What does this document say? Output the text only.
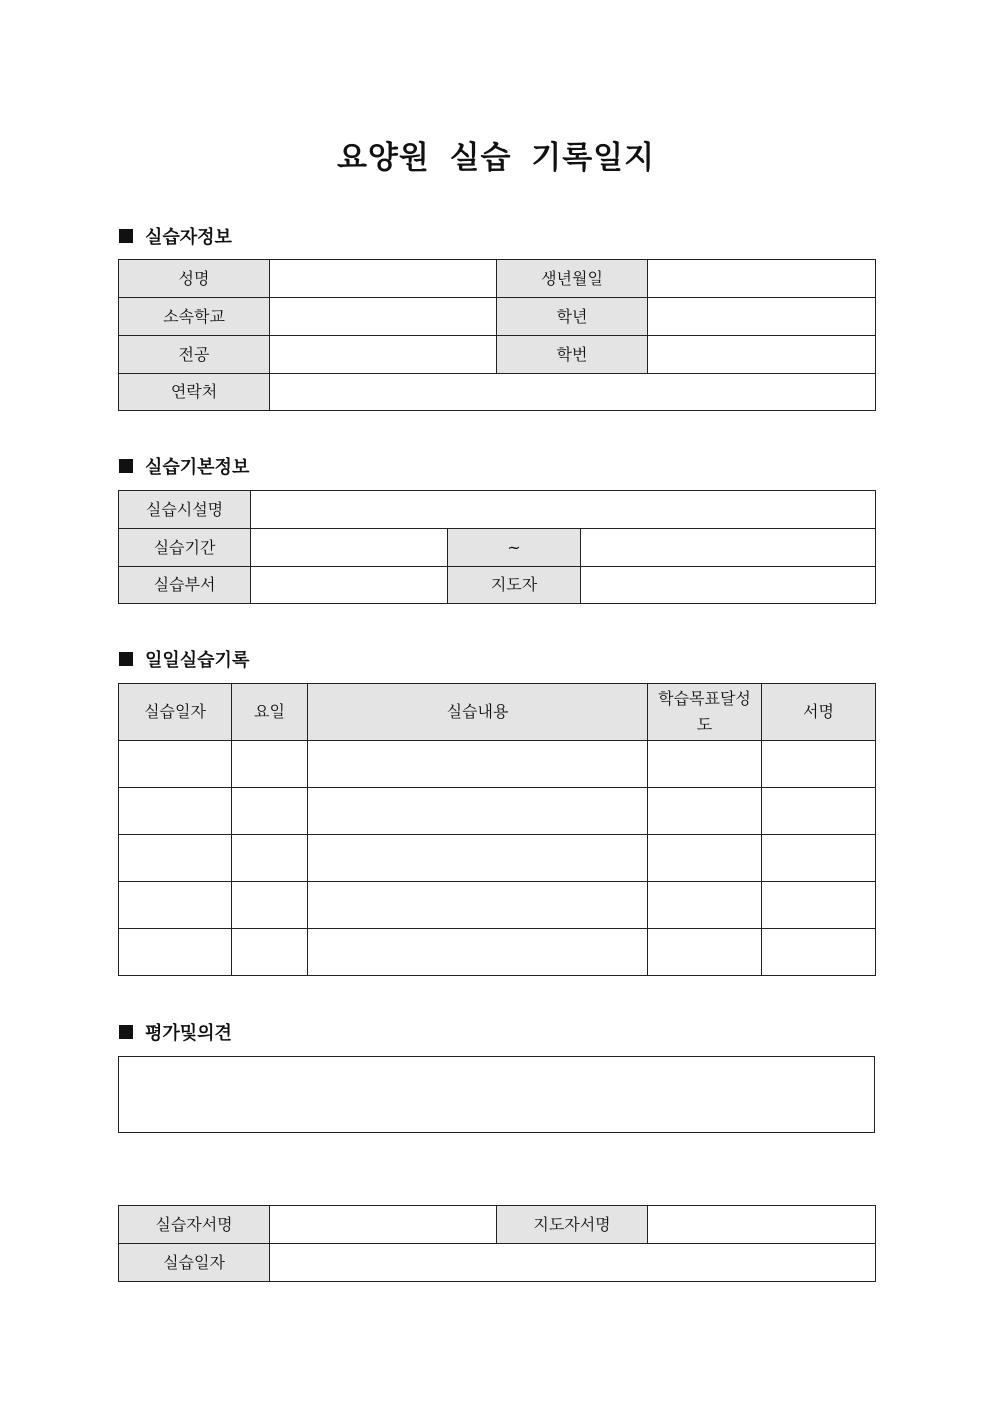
요양원 실습 기록일지
실습자정보
성명		생년월일	
소속학교		학년	
전공		학번	
연락처			
실습기본정보
실습시설명			
실습기간		~	
실습부서		지도자	
일일실습기록
실습일자	요일	실습내용	학습목표달성도	서명

평가및의견
실습자서명		지도자서명	
실습일자			
